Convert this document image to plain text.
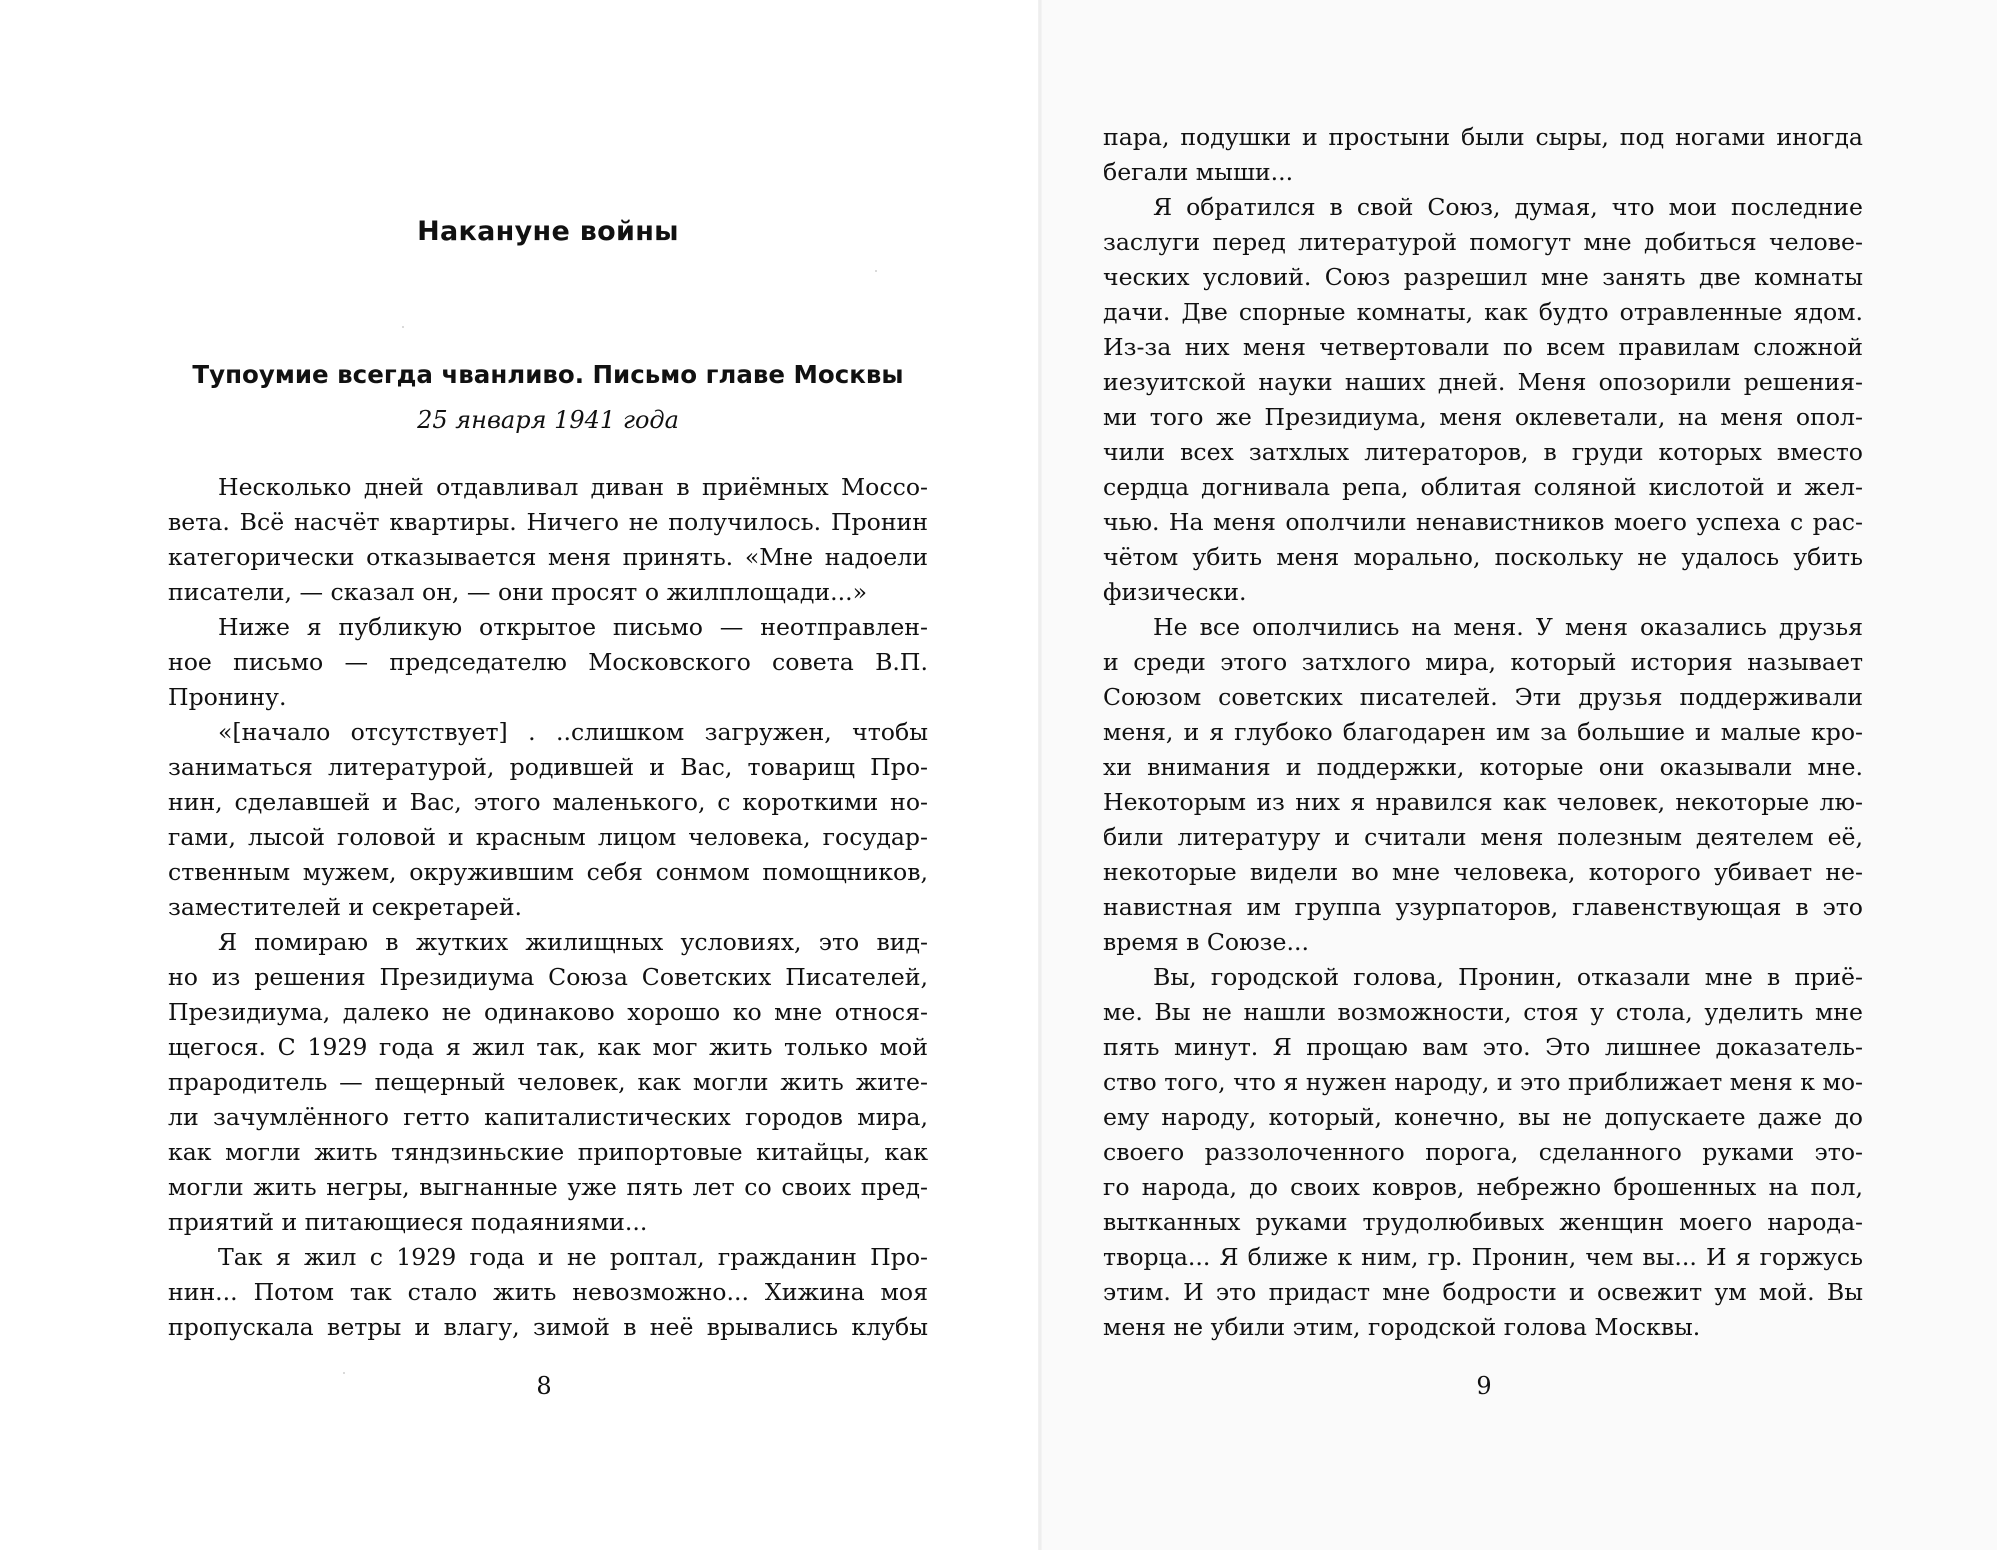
Накануне войны
Тупоумие всегда чванливо. Письмо главе Москвы
25 января 1941 года
Несколько дней отдавливал диван в приёмных Моссо-
вета. Всё насчёт квартиры. Ничего не получилось. Пронин
категорически отказывается меня принять. «Мне надоели
писатели, — сказал он, — они просят о жилплощади...»
Ниже я публикую открытое письмо — неотправлен-
ное письмо — председателю Московского совета В.П.
Пронину.
«[начало отсутствует] . ..слишком загружен, чтобы
заниматься литературой, родившей и Вас, товарищ Про-
нин, сделавшей и Вас, этого маленького, с короткими но-
гами, лысой головой и красным лицом человека, государ-
ственным мужем, окружившим себя сонмом помощников,
заместителей и секретарей.
Я помираю в жутких жилищных условиях, это вид-
но из решения Президиума Союза Советских Писателей,
Президиума, далеко не одинаково хорошо ко мне относя-
щегося. С 1929 года я жил так, как мог жить только мой
прародитель — пещерный человек, как могли жить жите-
ли зачумлённого гетто капиталистических городов мира,
как могли жить тяндзиньские припортовые китайцы, как
могли жить негры, выгнанные уже пять лет со своих пред-
приятий и питающиеся подаяниями...
Так я жил с 1929 года и не роптал, гражданин Про-
нин... Потом так стало жить невозможно... Хижина моя
пропускала ветры и влагу, зимой в неё врывались клубы
пара, подушки и простыни были сыры, под ногами иногда
бегали мыши...
Я обратился в свой Союз, думая, что мои последние
заслуги перед литературой помогут мне добиться челове-
ческих условий. Союз разрешил мне занять две комнаты
дачи. Две спорные комнаты, как будто отравленные ядом.
Из-за них меня четвертовали по всем правилам сложной
иезуитской науки наших дней. Меня опозорили решения-
ми того же Президиума, меня оклеветали, на меня опол-
чили всех затхлых литераторов, в груди которых вместо
сердца догнивала репа, облитая соляной кислотой и жел-
чью. На меня ополчили ненавистников моего успеха с рас-
чётом убить меня морально, поскольку не удалось убить
физически.
Не все ополчились на меня. У меня оказались друзья
и среди этого затхлого мира, который история называет
Союзом советских писателей. Эти друзья поддерживали
меня, и я глубоко благодарен им за большие и малые кро-
хи внимания и поддержки, которые они оказывали мне.
Некоторым из них я нравился как человек, некоторые лю-
били литературу и считали меня полезным деятелем её,
некоторые видели во мне человека, которого убивает не-
навистная им группа узурпаторов, главенствующая в это
время в Союзе...
Вы, городской голова, Пронин, отказали мне в приё-
ме. Вы не нашли возможности, стоя у стола, уделить мне
пять минут. Я прощаю вам это. Это лишнее доказатель-
ство того, что я нужен народу, и это приближает меня к мо-
ему народу, который, конечно, вы не допускаете даже до
своего раззолоченного порога, сделанного руками это-
го народа, до своих ковров, небрежно брошенных на пол,
вытканных руками трудолюбивых женщин моего народа-
творца... Я ближе к ним, гр. Пронин, чем вы... И я горжусь
этим. И это придаст мне бодрости и освежит ум мой. Вы
меня не убили этим, городской голова Москвы.
8	9
